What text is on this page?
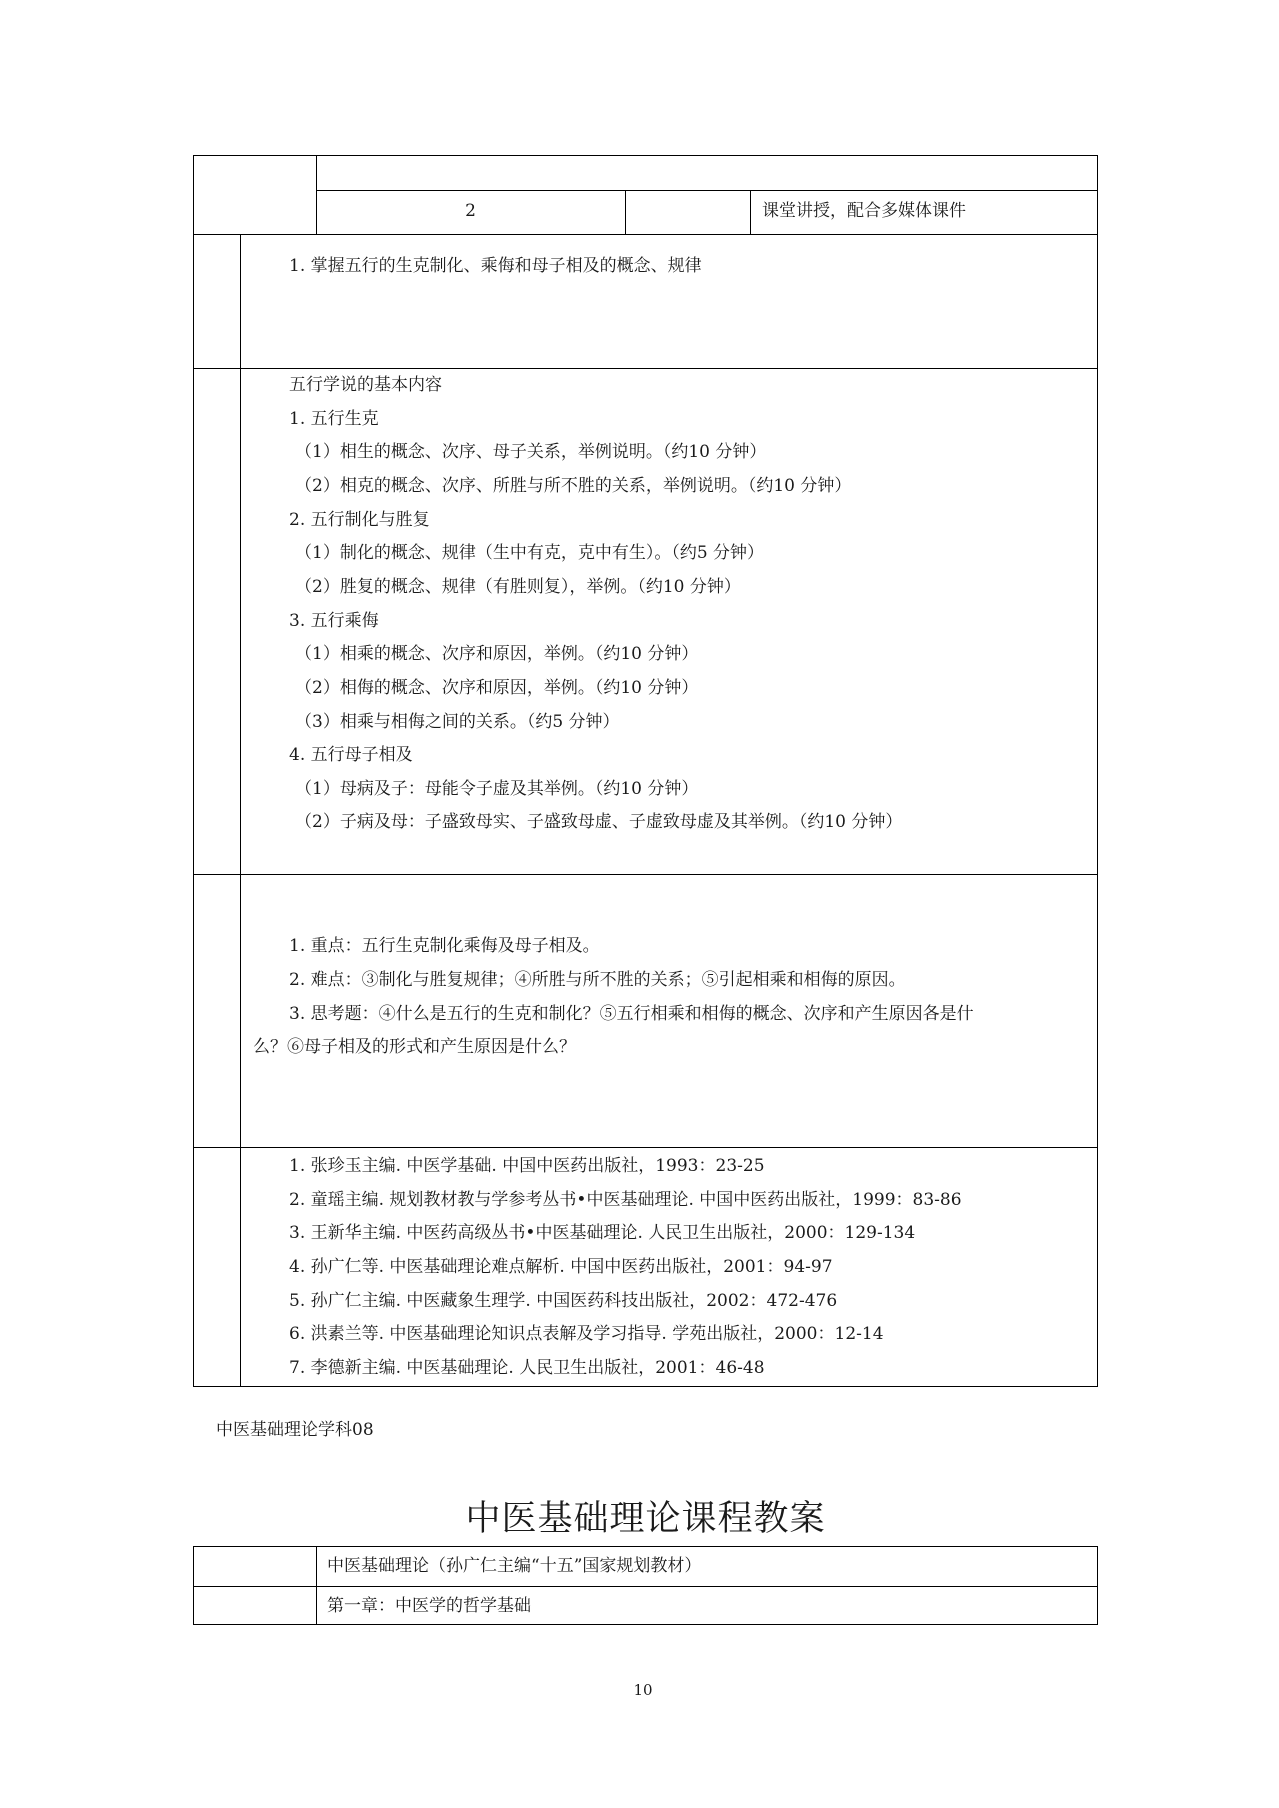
2	课堂讲授，配合多媒体课件
1. 掌握五行的生克制化、乘侮和母子相及的概念、规律
五行学说的基本内容
1. 五行生克
（1）相生的概念、次序、母子关系，举例说明。（约10 分钟）
（2）相克的概念、次序、所胜与所不胜的关系，举例说明。（约10 分钟）
2. 五行制化与胜复
（1）制化的概念、规律（生中有克，克中有生）。（约5 分钟）
（2）胜复的概念、规律（有胜则复），举例。（约10 分钟）
3. 五行乘侮
（1）相乘的概念、次序和原因，举例。（约10 分钟）
（2）相侮的概念、次序和原因，举例。（约10 分钟）
（3）相乘与相侮之间的关系。（约5 分钟）
4. 五行母子相及
（1）母病及子：母能令子虚及其举例。（约10 分钟）
（2）子病及母：子盛致母实、子盛致母虚、子虚致母虚及其举例。（约10 分钟）
1. 重点：五行生克制化乘侮及母子相及。
2. 难点：③制化与胜复规律；④所胜与所不胜的关系；⑤引起相乘和相侮的原因。
3. 思考题：④什么是五行的生克和制化？⑤五行相乘和相侮的概念、次序和产生原因各是什
么？⑥母子相及的形式和产生原因是什么？
1. 张珍玉主编. 中医学基础. 中国中医药出版社，1993：23-25
2. 童瑶主编. 规划教材教与学参考丛书•中医基础理论. 中国中医药出版社，1999：83-86
3. 王新华主编. 中医药高级丛书•中医基础理论. 人民卫生出版社，2000：129-134
4. 孙广仁等. 中医基础理论难点解析. 中国中医药出版社，2001：94-97
5. 孙广仁主编. 中医藏象生理学. 中国医药科技出版社，2002：472-476
6. 洪素兰等. 中医基础理论知识点表解及学习指导. 学苑出版社，2000：12-14
7. 李德新主编. 中医基础理论. 人民卫生出版社，2001：46-48
中医基础理论学科08
中医基础理论课程教案
中医基础理论（孙广仁主编“十五”国家规划教材）
第一章：中医学的哲学基础
10
